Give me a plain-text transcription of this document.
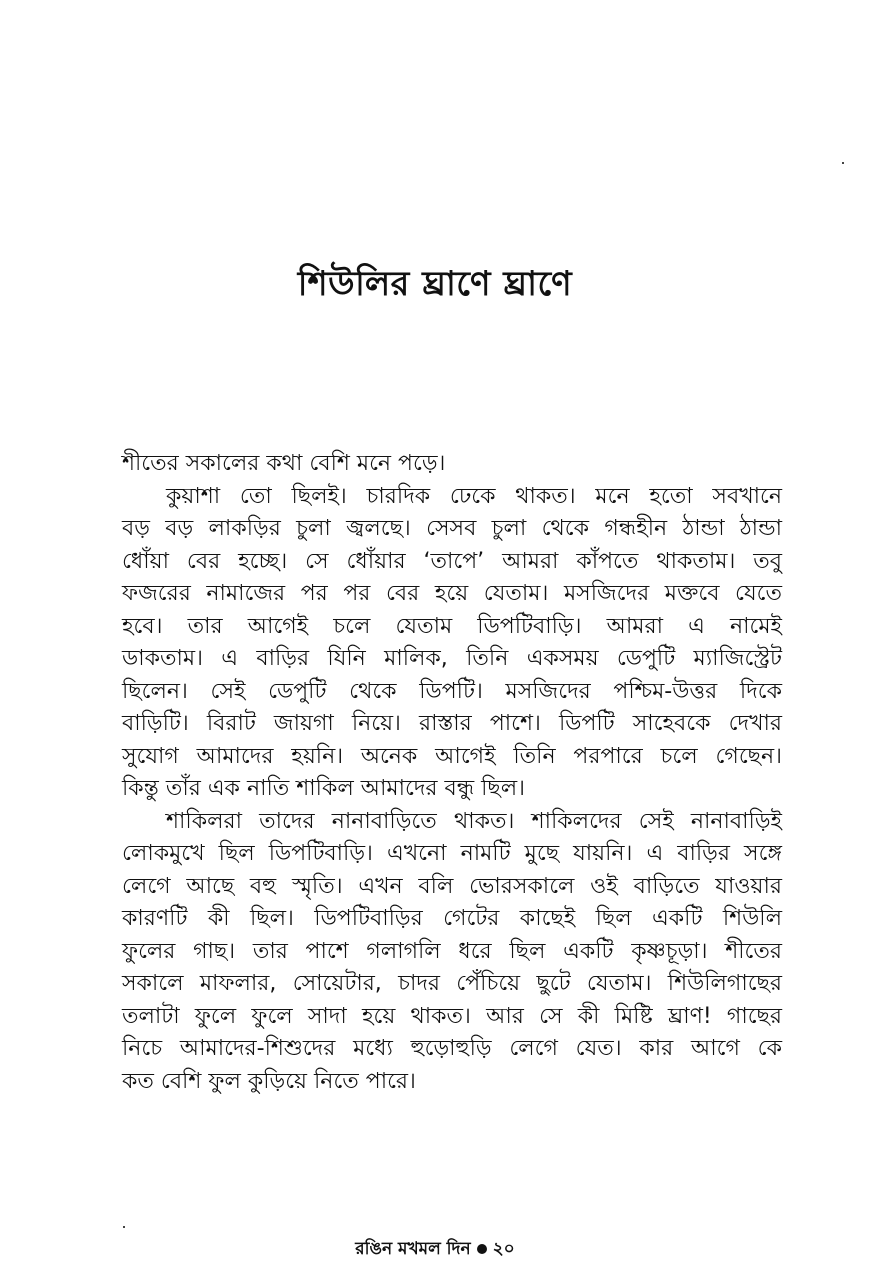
শিউলির ঘ্রাণে ঘ্রাণে
শীতের সকালের কথা বেশি মনে পড়ে।
কুয়াশা তো ছিলই। চারদিক ঢেকে থাকত। মনে হতো সবখানে
বড় বড় লাকড়ির চুলা জ্বলছে। সেসব চুলা থেকে গন্ধহীন ঠান্ডা ঠান্ডা
ধোঁয়া বের হচ্ছে। সে ধোঁয়ার ‘তাপে’ আমরা কাঁপতে থাকতাম। তবু
ফজরের নামাজের পর পর বের হয়ে যেতাম। মসজিদের মক্তবে যেতে
হবে। তার আগেই চলে যেতাম ডিপটিবাড়ি। আমরা এ নামেই
ডাকতাম। এ বাড়ির যিনি মালিক, তিনি একসময় ডেপুটি ম্যাজিস্ট্রেট
ছিলেন। সেই ডেপুটি থেকে ডিপটি। মসজিদের পশ্চিম-উত্তর দিকে
বাড়িটি। বিরাট জায়গা নিয়ে। রাস্তার পাশে। ডিপটি সাহেবকে দেখার
সুযোগ আমাদের হয়নি। অনেক আগেই তিনি পরপারে চলে গেছেন।
কিন্তু তাঁর এক নাতি শাকিল আমাদের বন্ধু ছিল।
শাকিলরা তাদের নানাবাড়িতে থাকত। শাকিলদের সেই নানাবাড়িই
লোকমুখে ছিল ডিপটিবাড়ি। এখনো নামটি মুছে যায়নি। এ বাড়ির সঙ্গে
লেগে আছে বহু স্মৃতি। এখন বলি ভোরসকালে ওই বাড়িতে যাওয়ার
কারণটি কী ছিল। ডিপটিবাড়ির গেটের কাছেই ছিল একটি শিউলি
ফুলের গাছ। তার পাশে গলাগলি ধরে ছিল একটি কৃষ্ণচূড়া। শীতের
সকালে মাফলার, সোয়েটার, চাদর পেঁচিয়ে ছুটে যেতাম। শিউলিগাছের
তলাটা ফুলে ফুলে সাদা হয়ে থাকত। আর সে কী মিষ্টি ঘ্রাণ! গাছের
নিচে আমাদের-শিশুদের মধ্যে হুড়োহুড়ি লেগে যেত। কার আগে কে
কত বেশি ফুল কুড়িয়ে নিতে পারে।
রঙিন মখমল দিন ২০
